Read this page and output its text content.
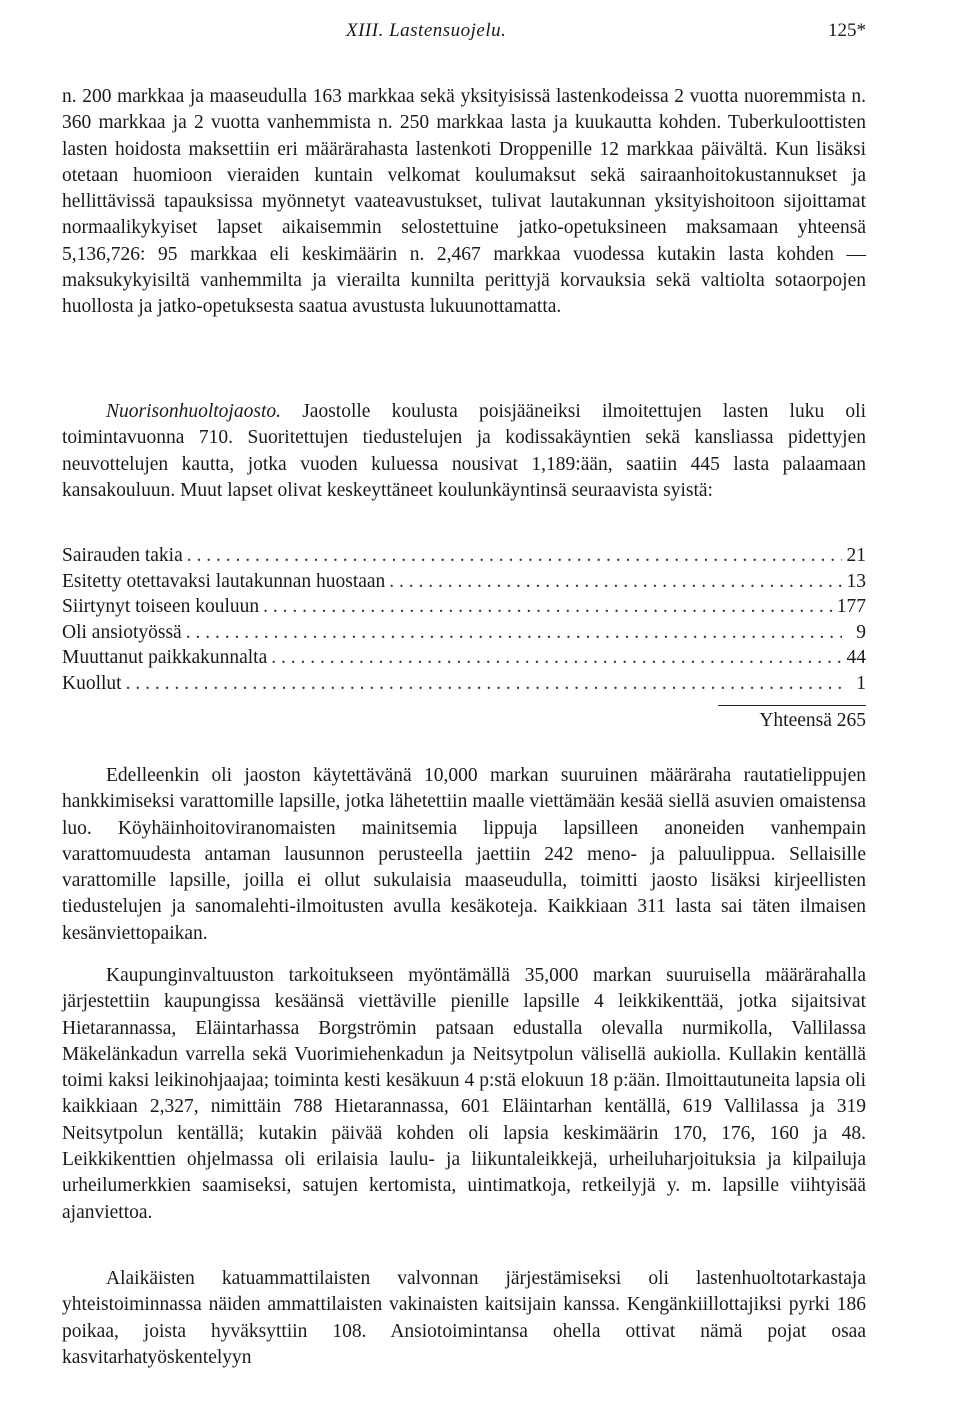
XIII. Lastensuojelu.	125*

n. 200 markkaa ja maaseudulla 163 markkaa sekä yksityisissä lastenkodeissa 2 vuotta nuoremmista n. 360 markkaa ja 2 vuotta vanhemmista n. 250 markkaa lasta ja kuukautta kohden. Tuberkuloottisten lasten hoidosta maksettiin eri määrärahasta lastenkoti Droppenille 12 markkaa päivältä. Kun lisäksi otetaan huomioon vieraiden kuntain velkomat koulumaksut sekä sairaanhoitokustannukset ja hellittävissä tapauksissa myönnetyt vaateavustukset, tulivat lautakunnan yksityishoitoon sijoittamat normaalikykyiset lapset aikaisemmin selostettuine jatko-opetuksineen maksamaan yhteensä 5,136,726: 95 markkaa eli keskimäärin n. 2,467 markkaa vuodessa kutakin lasta kohden — maksukykyisiltä vanhemmilta ja vierailta kunnilta perittyjä korvauksia sekä valtiolta sotaorpojen huollosta ja jatko-opetuksesta saatua avustusta lukuunottamatta.

Nuorisonhuoltojaosto. Jaostolle koulusta poisjääneiksi ilmoitettujen lasten luku oli toimintavuonna 710. Suoritettujen tiedustelujen ja kodissakäyntien sekä kansliassa pidettyjen neuvottelujen kautta, jotka vuoden kuluessa nousivat 1,189:ään, saatiin 445 lasta palaamaan kansakouluun. Muut lapset olivat keskeyttäneet koulunkäyntinsä seuraavista syistä:

Sairauden takia . . .	21
Esitetty otettavaksi lautakunnan huostaan . . .	13
Siirtynyt toiseen kouluun . . .	177
Oli ansiotyössä . . .	9
Muuttanut paikkakunnalta . . .	44
Kuollut . . .	1
Yhteensä 265

Edelleenkin oli jaoston käytettävänä 10,000 markan suuruinen määräraha rautatielippujen hankkimiseksi varattomille lapsille, jotka lähetettiin maalle viettämään kesää siellä asuvien omaistensa luo. Köyhäinhoitoviranomaisten mainitsemia lippuja lapsilleen anoneiden vanhempain varattomuudesta antaman lausunnon perusteella jaettiin 242 meno- ja paluulippua. Sellaisille varattomille lapsille, joilla ei ollut sukulaisia maaseudulla, toimitti jaosto lisäksi kirjeellisten tiedustelujen ja sanomalehti-ilmoitusten avulla kesäkoteja. Kaikkiaan 311 lasta sai täten ilmaisen kesänviettopaikan.

Kaupunginvaltuuston tarkoitukseen myöntämällä 35,000 markan suuruisella määrärahalla järjestettiin kaupungissa kesäänsä viettäville pienille lapsille 4 leikkikenttää, jotka sijaitsivat Hietarannassa, Eläintarhassa Borgströmin patsaan edustalla olevalla nurmikolla, Vallilassa Mäkelänkadun varrella sekä Vuorimiehenkadun ja Neitsytpolun välisellä aukiolla. Kullakin kentällä toimi kaksi leikinohjaajaa; toiminta kesti kesäkuun 4 p:stä elokuun 18 p:ään. Ilmoittautuneita lapsia oli kaikkiaan 2,327, nimittäin 788 Hietarannassa, 601 Eläintarhan kentällä, 619 Vallilassa ja 319 Neitsytpolun kentällä; kutakin päivää kohden oli lapsia keskimäärin 170, 176, 160 ja 48. Leikkikenttien ohjelmassa oli erilaisia laulu- ja liikuntaleikkejä, urheiluharjoituksia ja kilpailuja urheilumerkkien saamiseksi, satujen kertomista, uintimatkoja, retkeilyjä y. m. lapsille viihtyisää ajanviettoa.

Alaikäisten katuammattilaisten valvonnan järjestämiseksi oli lastenhuoltotarkastaja yhteistoiminnassa näiden ammattilaisten vakinaisten kaitsijain kanssa. Kengänkiillottajiksi pyrki 186 poikaa, joista hyväksyttiin 108. Ansiotoimintansa ohella ottivat nämä pojat osaa kasvitarhatyöskentelyyn
